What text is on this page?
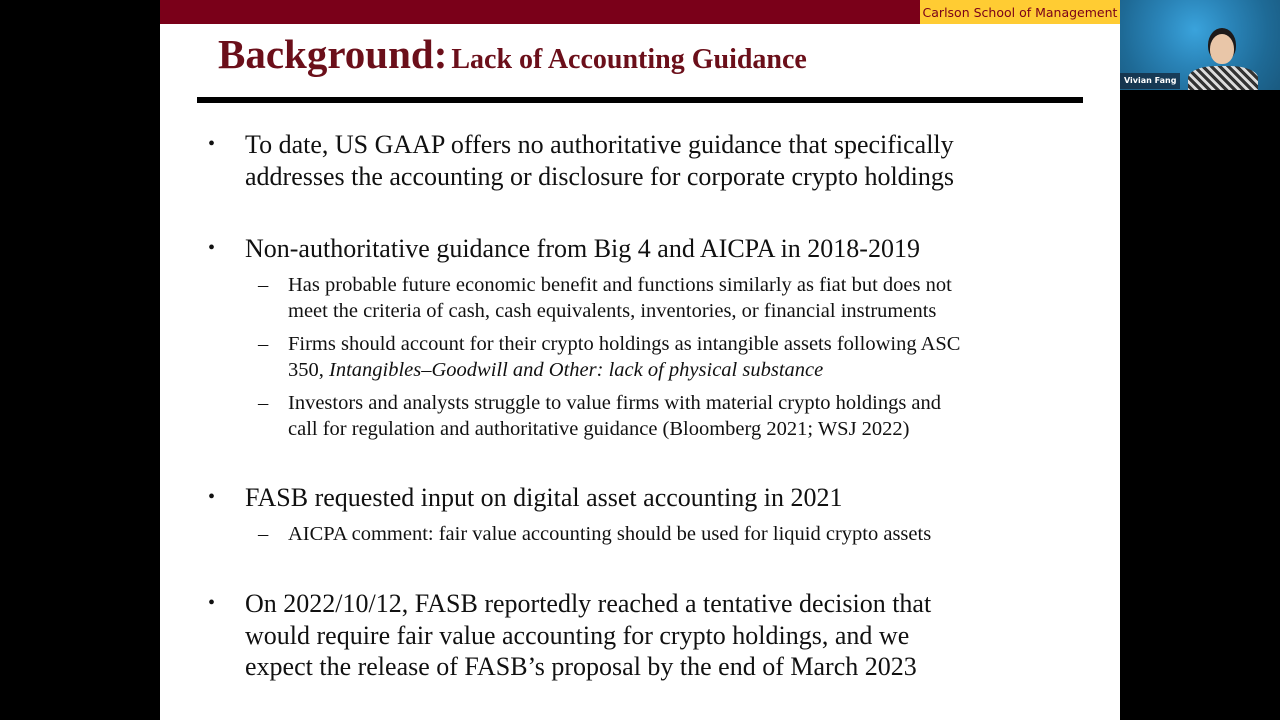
Carlson School of Management
Background: Lack of Accounting Guidance
• To date, US GAAP offers no authoritative guidance that specifically
addresses the accounting or disclosure for corporate crypto holdings
• Non-authoritative guidance from Big 4 and AICPA in 2018-2019
– Has probable future economic benefit and functions similarly as fiat but does not
meet the criteria of cash, cash equivalents, inventories, or financial instruments
– Firms should account for their crypto holdings as intangible assets following ASC
350, Intangibles–Goodwill and Other: lack of physical substance
– Investors and analysts struggle to value firms with material crypto holdings and
call for regulation and authoritative guidance (Bloomberg 2021; WSJ 2022)
• FASB requested input on digital asset accounting in 2021
– AICPA comment: fair value accounting should be used for liquid crypto assets
• On 2022/10/12, FASB reportedly reached a tentative decision that
would require fair value accounting for crypto holdings, and we
expect the release of FASB’s proposal by the end of March 2023
Vivian Fang
